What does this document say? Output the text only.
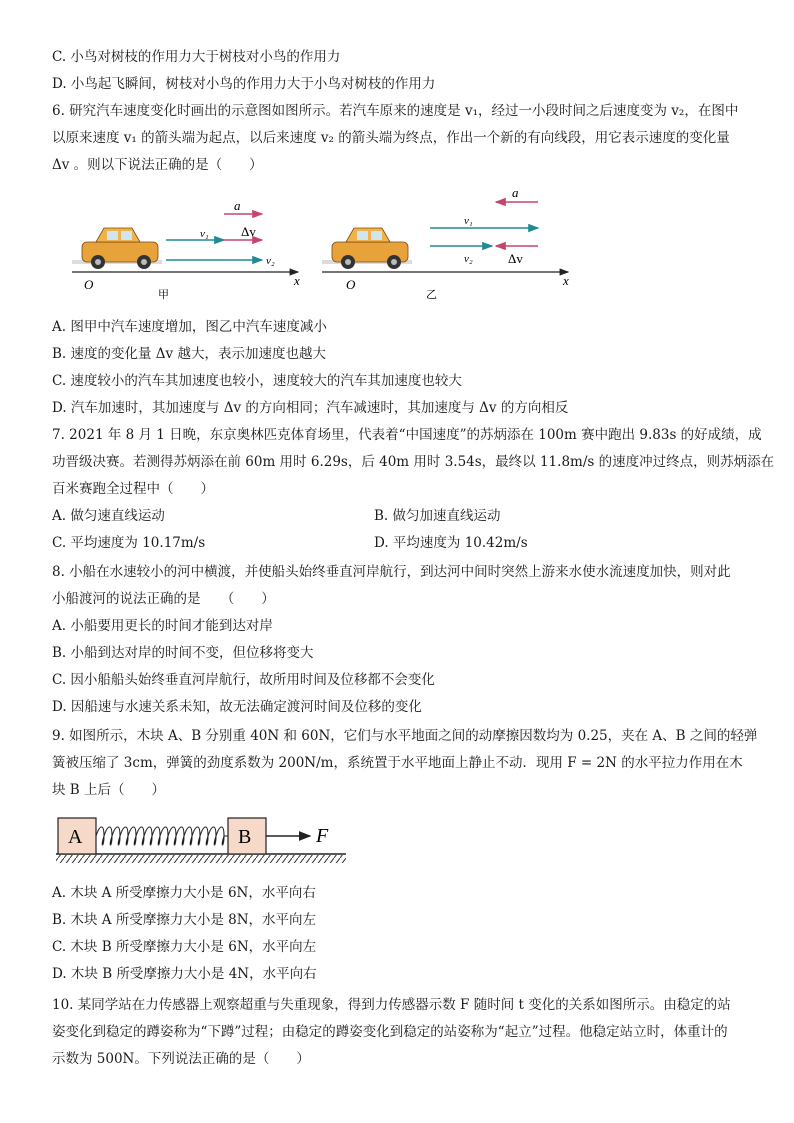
C. 小鸟对树枝的作用力大于树枝对小鸟的作用力
D. 小鸟起飞瞬间，树枝对小鸟的作用力大于小鸟对树枝的作用力
6. 研究汽车速度变化时画出的示意图如图所示。若汽车原来的速度是 v₁，经过一小段时间之后速度变为 v₂，在图中
以原来速度 v₁ 的箭头端为起点，以后来速度 v₂ 的箭头端为终点，作出一个新的有向线段，用它表示速度的变化量
Δv 。则以下说法正确的是（　　）
a
v₁ Δv
v₂
O	x
甲
a
v₁
v₂	Δv
O	x
乙
A. 图甲中汽车速度增加，图乙中汽车速度减小
B. 速度的变化量 Δv 越大，表示加速度也越大
C. 速度较小的汽车其加速度也较小，速度较大的汽车其加速度也较大
D. 汽车加速时，其加速度与 Δv 的方向相同；汽车减速时，其加速度与 Δv 的方向相反
7. 2021 年 8 月 1 日晚，东京奥林匹克体育场里，代表着“中国速度”的苏炳添在 100m 赛中跑出 9.83s 的好成绩，成
功晋级决赛。若测得苏炳添在前 60m 用时 6.29s，后 40m 用时 3.54s，最终以 11.8m/s 的速度冲过终点，则苏炳添在
百米赛跑全过程中（　　）
A. 做匀速直线运动	B. 做匀加速直线运动
C. 平均速度为 10.17m/s	D. 平均速度为 10.42m/s
8. 小船在水速较小的河中横渡，并使船头始终垂直河岸航行，到达河中间时突然上游来水使水流速度加快，则对此
小船渡河的说法正确的是　　（　　）
A. 小船要用更长的时间才能到达对岸
B. 小船到达对岸的时间不变，但位移将变大
C. 因小船船头始终垂直河岸航行，故所用时间及位移都不会变化
D. 因船速与水速关系未知，故无法确定渡河时间及位移的变化
9. 如图所示，木块 A、B 分别重 40N 和 60N，它们与水平地面之间的动摩擦因数均为 0.25，夹在 A、B 之间的轻弹
簧被压缩了 3cm，弹簧的劲度系数为 200N/m，系统置于水平地面上静止不动．现用 F = 2N 的水平拉力作用在木
块 B 上后（　　）
A	B	F
A. 木块 A 所受摩擦力大小是 6N，水平向右
B. 木块 A 所受摩擦力大小是 8N，水平向左
C. 木块 B 所受摩擦力大小是 6N，水平向左
D. 木块 B 所受摩擦力大小是 4N，水平向右
10. 某同学站在力传感器上观察超重与失重现象，得到力传感器示数 F 随时间 t 变化的关系如图所示。由稳定的站
姿变化到稳定的蹲姿称为“下蹲”过程；由稳定的蹲姿变化到稳定的站姿称为“起立”过程。他稳定站立时，体重计的
示数为 500N。下列说法正确的是（　　）
